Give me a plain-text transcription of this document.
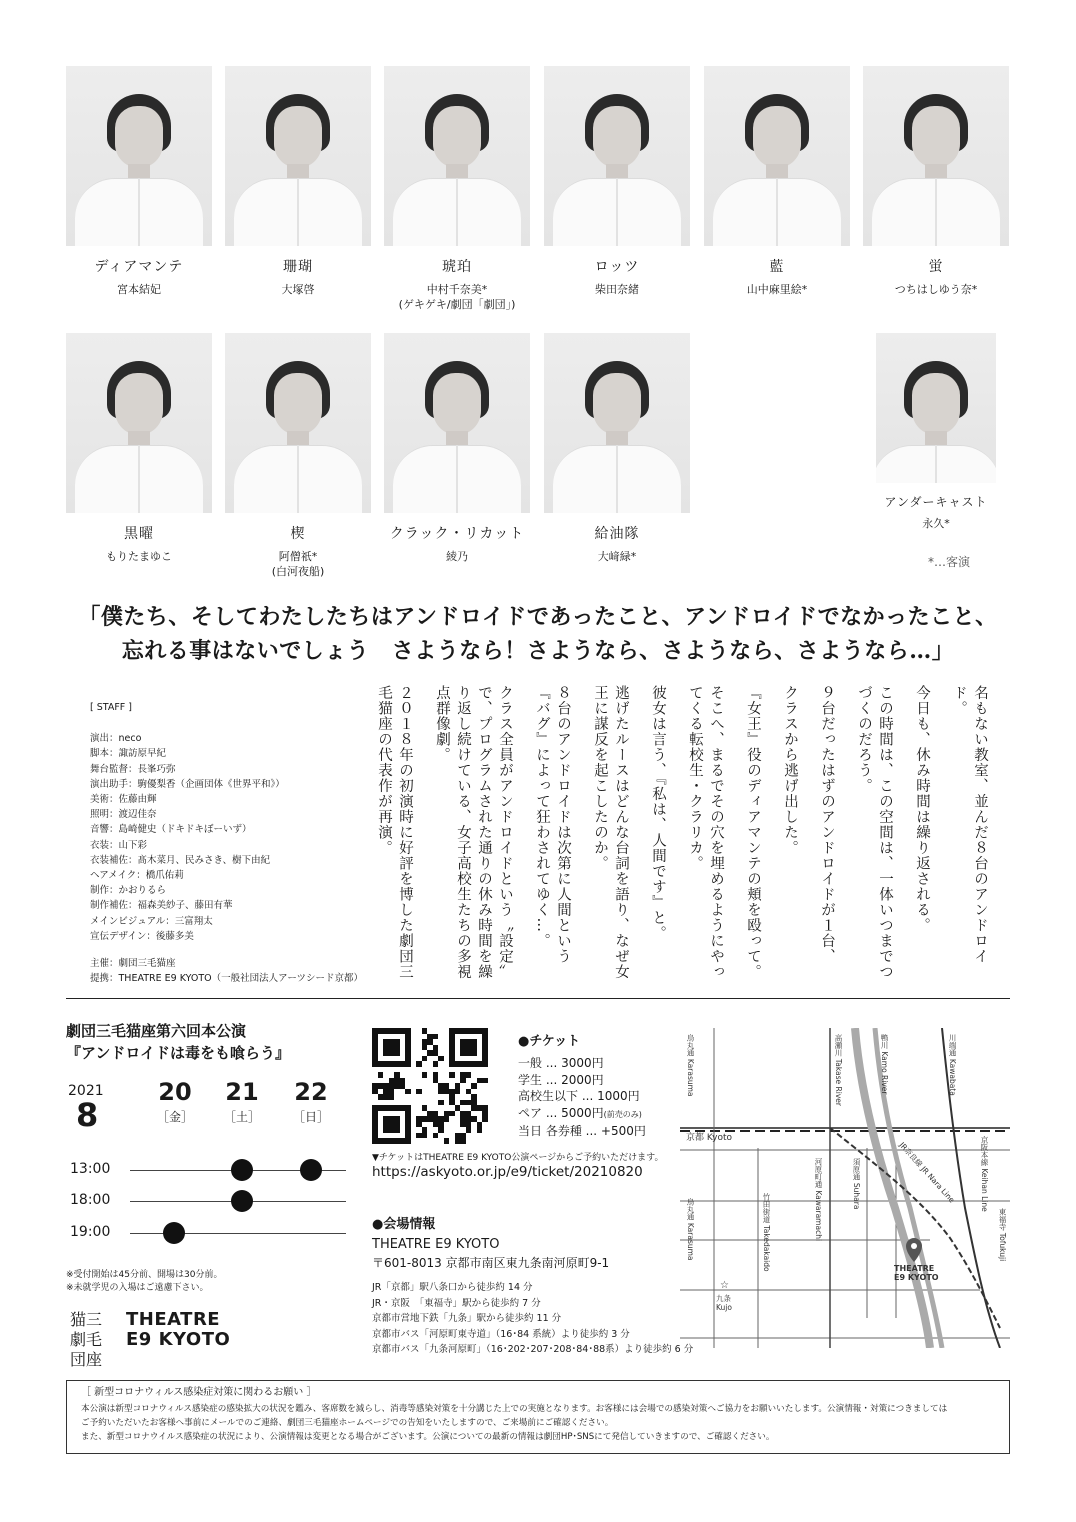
ディアマンテ
宮本結妃
珊瑚
大塚啓
琥珀
中村千奈美*
(ゲキゲキ/劇団「劇団」)
ロッツ
柴田奈緒
藍
山中麻里絵*
蛍
つちはしゆう奈*
黒曜
もりたまゆこ
楔
阿僧祇*
(白河夜船)
クラック・リカット
綾乃
給油隊
大﨑緑*
アンダーキャスト
永久*
*…客演
「僕たち、そしてわたしたちはアンドロイドであったこと、アンドロイドでなかったこと、
忘れる事はないでしょう　さようなら！さようなら、さようなら、さようなら…」
[ STAFF ]
演出：neco
脚本：諏訪原早紀
舞台監督：長峯巧弥
演出助手：駒優梨香（企画団体《世界平和》）
美術：佐藤由輝
照明：渡辺佳奈
音響：島崎健史（ドキドキぼーいず）
衣装：山下彩
衣装補佐：髙木菜月、民みさき、樹下由紀
ヘアメイク：橋爪佑莉
制作：かおりるら
制作補佐：福森美紗子、藤田有華
メインビジュアル：三富翔太
宣伝デザイン：後藤多美
主催：劇団三毛猫座
提携：THEATRE E9 KYOTO（一般社団法人アーツシード京都）

名もない教室、並んだ８台のアンドロイド。

今日も、休み時間は繰り返される。

この時間は、この空間は、一体いつまでつづくのだろう。

９台だったはずのアンドロイドが１台、

クラスから逃げ出した。

『女王』役のディアマンテの頬を殴って。

そこへ、まるでその穴を埋めるようにやってくる転校生・クラリカ。

彼女は言う、『私は、人間です』と。

逃げたルースはどんな台詞を語り、なぜ女王に謀反を起こしたのか。

８台のアンドロイドは次第に人間という『バグ』によって狂わされてゆく…。

クラス全員がアンドロイドという〝設定〟で、プログラムされた通りの休み時間を繰り返し続けている、女子高校生たちの多視点群像劇。

２０１８年の初演時に好評を博した劇団三毛猫座の代表作が再演。

劇団三毛猫座第六回本公演
『アンドロイドは毒をも喰らう』
2021
8
20
［金］
21
［土］
22
［日］
13:00
18:00
19:00
※受付開始は45分前、開場は30分前。
※未就学児の入場はご遠慮下さい。
猫三劇毛団座
THEATRE
E9 KYOTO
●チケット
一般 ... 3000円
学生 ... 2000円
高校生以下 ... 1000円
ペア ... 5000円(前売のみ)
当日 各券種 ... +500円
▼チケットはTHEATRE E9 KYOTO公演ページからご予約いただけます。
https://askyoto.or.jp/e9/ticket/20210820
●会場情報
THEATRE E9 KYOTO
〒601-8013 京都市南区東九条南河原町9-1
JR「京都」駅八条口から徒歩約 14 分
JR・京阪　「東福寺」駅から徒歩約 7 分
京都市営地下鉄「九条」駅から徒歩約 11 分
京都市バス「河原町東寺道」（16･84 系統）より徒歩約 3 分
京都市バス「九条河原町」（16･202･207･208･84･88系）より徒歩約 6 分
☆
烏丸通 Karasuma
高瀬川 Takase River
鴨川 Kamo River
川端通 Kawabata
京都 Kyoto	京阪本線 Keihan Line
JR奈良線 JR Nara Line
河原町通 Kawaramachi
須原通 Suhara
竹田街道 Takedakaido
烏丸通 Karasuma
東福寺 Tofukuji
九条
Kujo
THEATRE
E9 KYOTO
［ 新型コロナウィルス感染症対策に関わるお願い ］
本公演は新型コロナウィルス感染症の感染拡大の状況を鑑み、客席数を減らし、消毒等感染対策を十分講じた上での実施となります。お客様には会場での感染対策へご協力をお願いいたします。公演情報・対策につきましては
ご予約いただいたお客様へ事前にメールでのご連絡、劇団三毛猫座ホームページでの告知をいたしますので、ご来場前にご確認ください。
また、新型コロナウイルス感染症の状況により、公演情報は変更となる場合がございます。公演についての最新の情報は劇団HP･SNSにて発信していきますので、ご確認ください。
